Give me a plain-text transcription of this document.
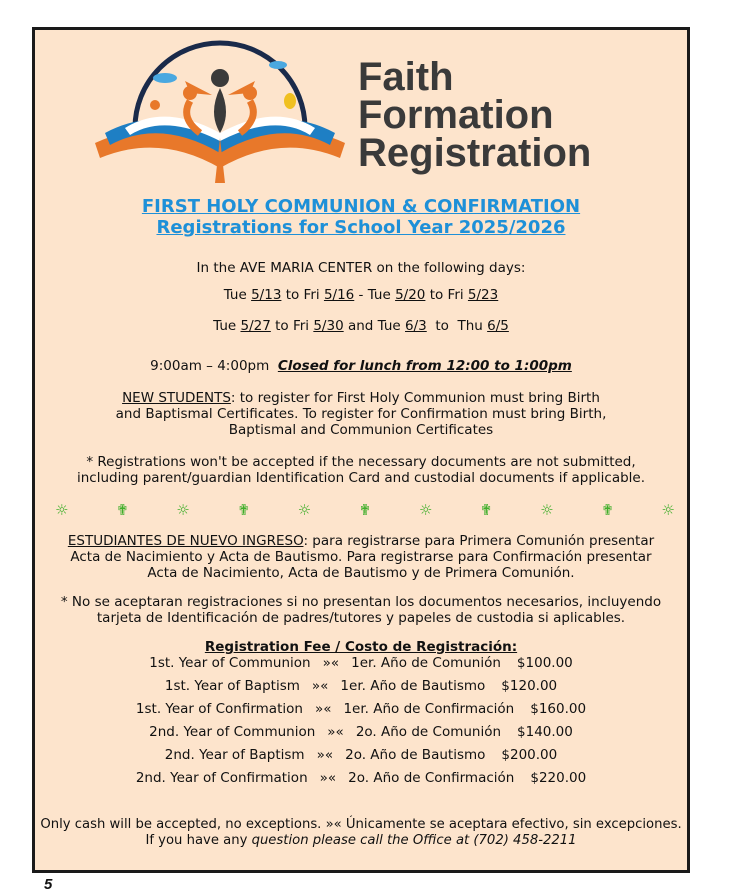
Faith
Formation
Registration
FIRST HOLY COMMUNION & CONFIRMATION
Registrations for School Year 2025/2026
In the AVE MARIA CENTER on the following days:
Tue 5/13 to Fri 5/16 - Tue 5/20 to Fri 5/23
Tue 5/27 to Fri 5/30 and Tue 6/3  to  Thu 6/5
9:00am – 4:00pm  Closed for lunch from 12:00 to 1:00pm
NEW STUDENTS: to register for First Holy Communion must bring Birth
and Baptismal Certificates. To register for Confirmation must bring Birth,
Baptismal and Communion Certificates
* Registrations won't be accepted if the necessary documents are not submitted,
including parent/guardian Identification Card and custodial documents if applicable.
☼	✟	☼	✟	☼	✟	☼	✟	☼	✟	☼
ESTUDIANTES DE NUEVO INGRESO: para registrarse para Primera Comunión presentar
Acta de Nacimiento y Acta de Bautismo. Para registrarse para Confirmación presentar
Acta de Nacimiento, Acta de Bautismo y de Primera Comunión.
* No se aceptaran registraciones si no presentan los documentos necesarios, incluyendo
tarjeta de Identificación de padres/tutores y papeles de custodia si aplicables.
Registration Fee / Costo de Registración:
1st. Year of Communion »« 1er. Año de Comunión $100.00
1st. Year of Baptism »« 1er. Año de Bautismo $120.00
1st. Year of Confirmation »« 1er. Año de Confirmación $160.00
2nd. Year of Communion »« 2o. Año de Comunión $140.00
2nd. Year of Baptism »« 2o. Año de Bautismo $200.00
2nd. Year of Confirmation »« 2o. Año de Confirmación $220.00
Only cash will be accepted, no exceptions. »« Únicamente se aceptara efectivo, sin excepciones.
If you have any question please call the Office at (702) 458-2211
5
